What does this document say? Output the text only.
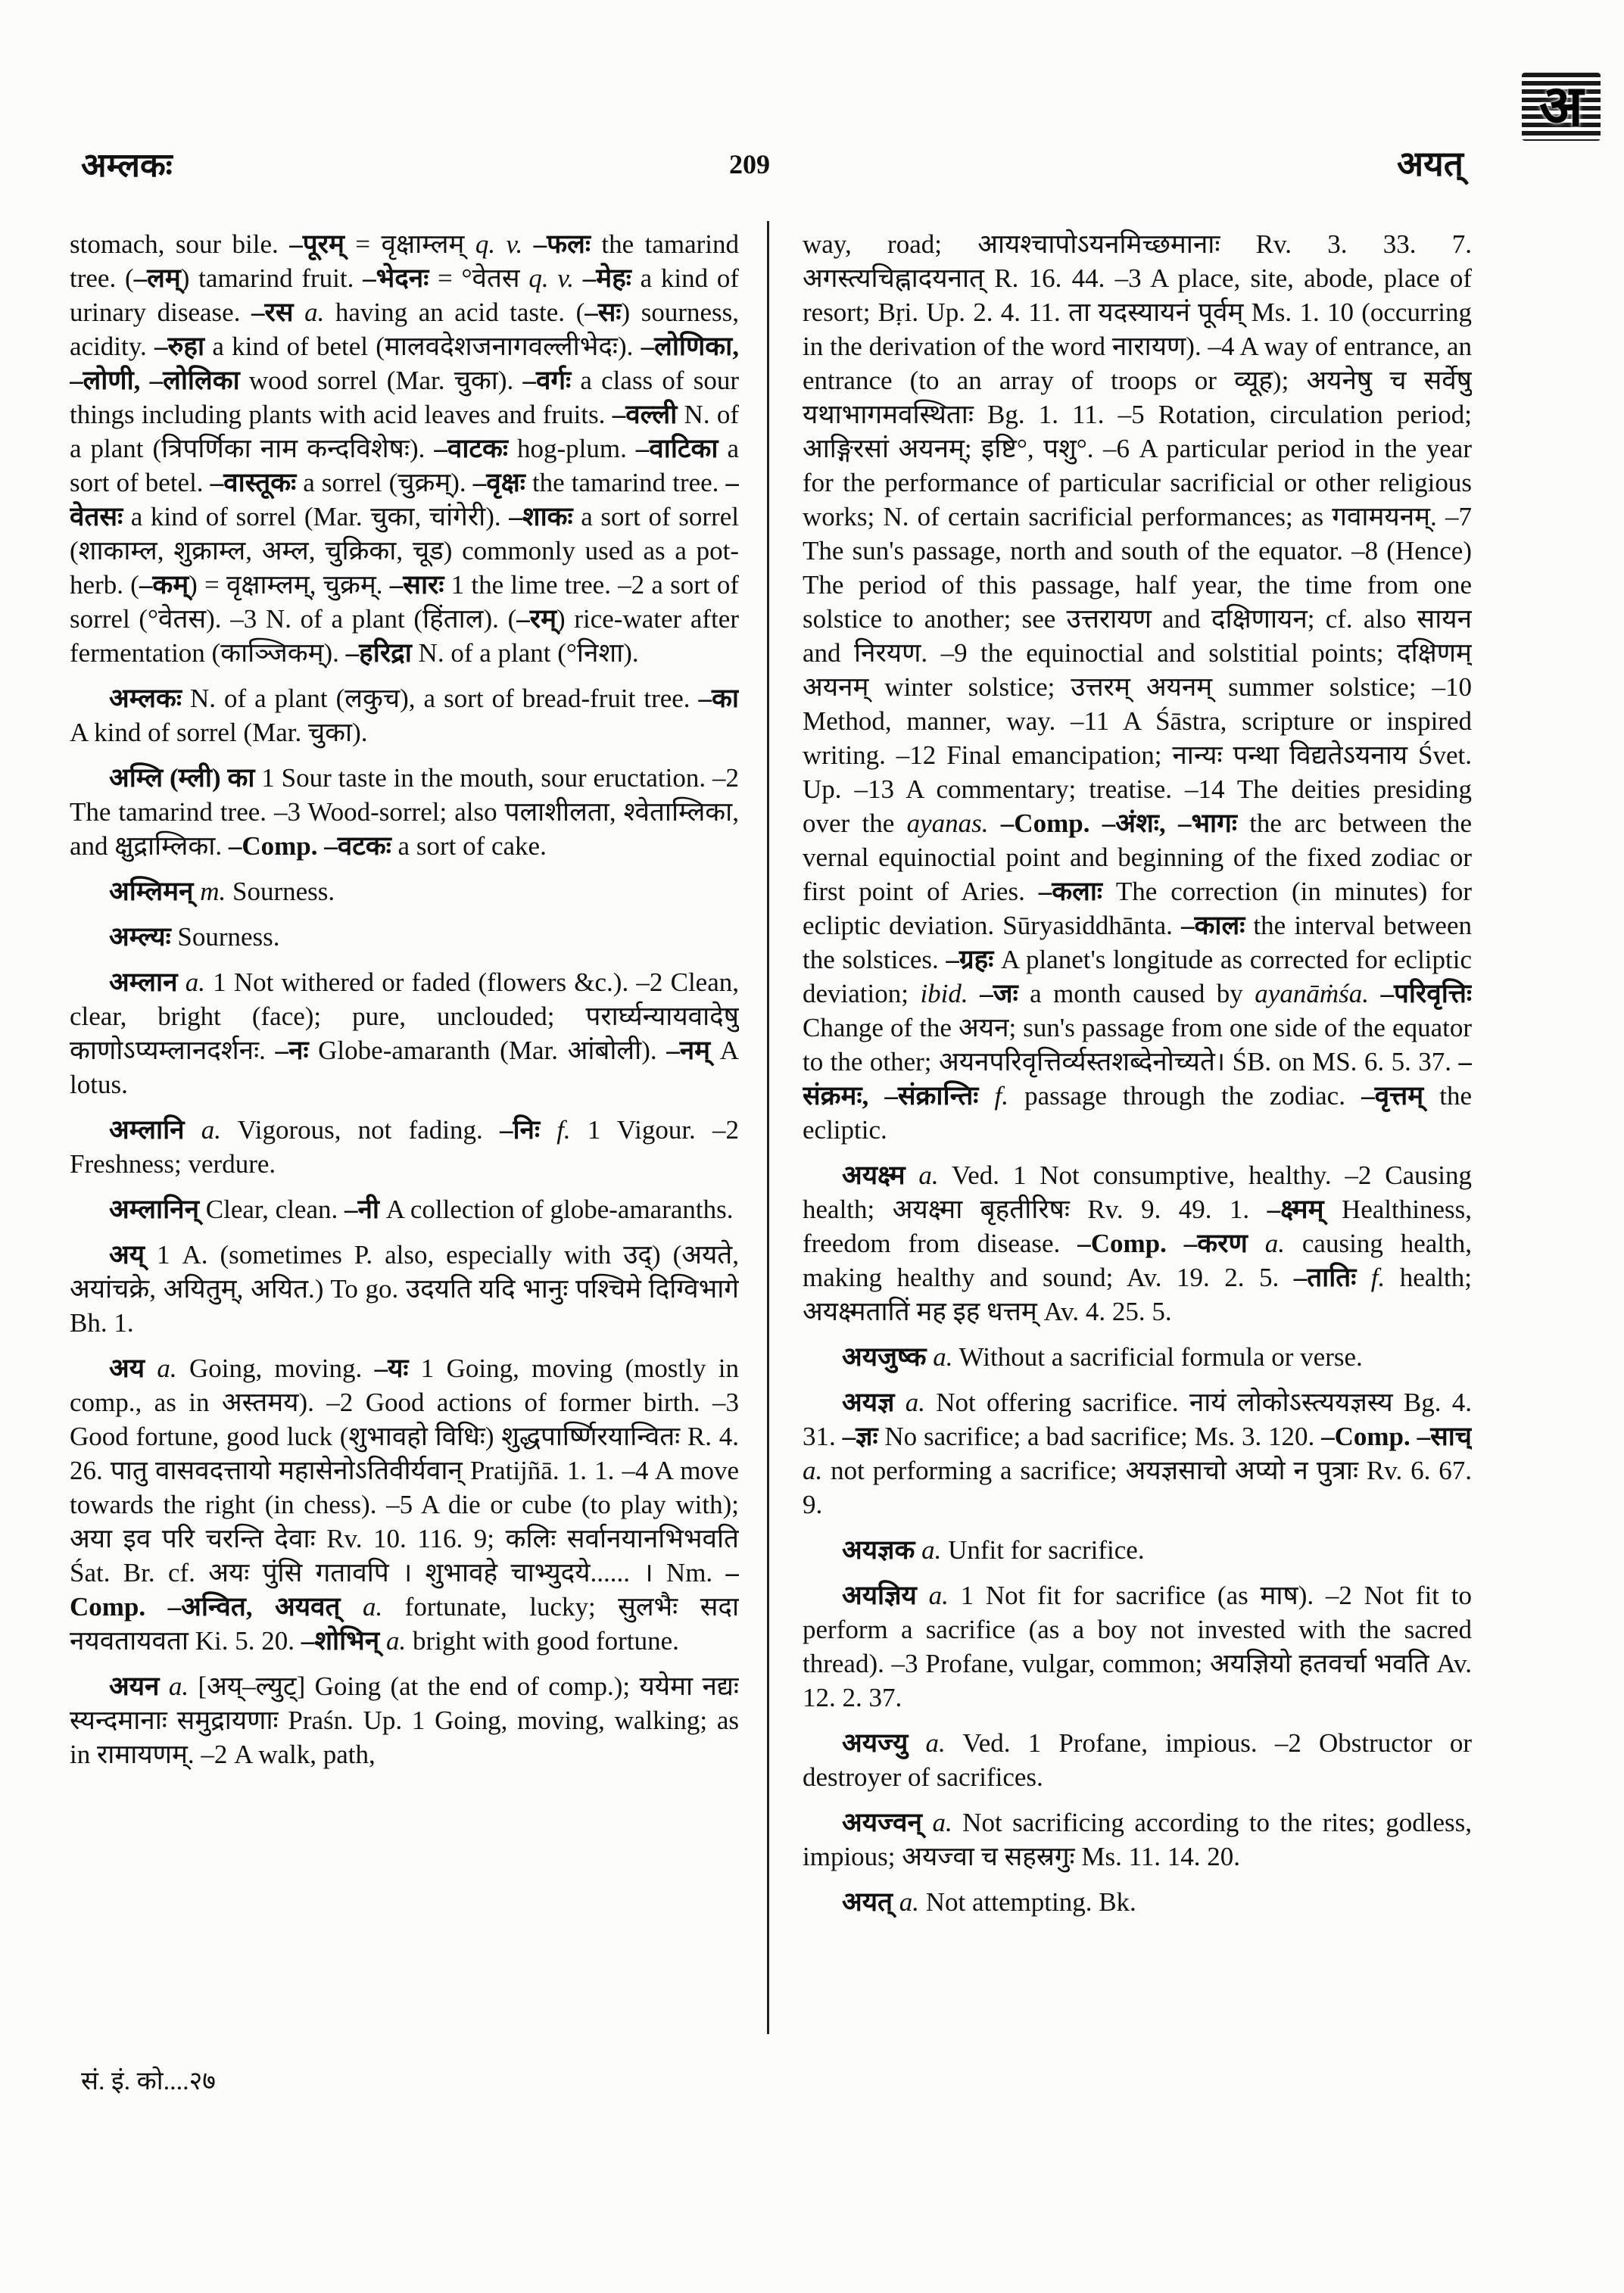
अम्लकः	209	अयत्
अ

stomach, sour bile. –पूरम् = वृक्षाम्लम् q. v. –फलः the tamarind tree. (–लम्) tamarind fruit. –भेदनः = °वेतस q. v. –मेहः a kind of urinary disease. –रस a. having an acid taste. (–सः) sourness, acidity. –रुहा a kind of betel (मालवदेशजनागवल्लीभेदः). –लोणिका, –लोणी, –लोलिका wood sorrel (Mar. चुका). –वर्गः a class of sour things including plants with acid leaves and fruits. –वल्ली N. of a plant (त्रिपर्णिका नाम कन्दविशेषः). –वाटकः hog-plum. –वाटिका a sort of betel. –वास्तूकः a sorrel (चुक्रम्). –वृक्षः the tamarind tree. –वेतसः a kind of sorrel (Mar. चुका, चांगेरी). –शाकः a sort of sorrel (शाकाम्ल, शुक्राम्ल, अम्ल, चुक्रिका, चूड) commonly used as a pot-herb. (–कम्) = वृक्षाम्लम्, चुक्रम्. –सारः 1 the lime tree. –2 a sort of sorrel (°वेतस). –3 N. of a plant (हिंताल). (–रम्) rice-water after fermentation (काञ्जिकम्). –हरिद्रा N. of a plant (°निशा).

अम्लकः N. of a plant (लकुच), a sort of bread-fruit tree. –का A kind of sorrel (Mar. चुका).

अम्लि (म्ली) का 1 Sour taste in the mouth, sour eructation. –2 The tamarind tree. –3 Wood-sorrel; also पलाशीलता, श्वेताम्लिका, and क्षुद्राम्लिका. –Comp. –वटकः a sort of cake.

अम्लिमन् m. Sourness.

अम्ल्यः Sourness.

अम्लान a. 1 Not withered or faded (flowers &c.). –2 Clean, clear, bright (face); pure, unclouded; परार्घ्यन्यायवादेषु काणोऽप्यम्लानदर्शनः. –नः Globe-amaranth (Mar. आंबोली). –नम् A lotus.

अम्लानि a. Vigorous, not fading. –निः f. 1 Vigour. –2 Freshness; verdure.

अम्लानिन् Clear, clean. –नी A collection of globe-amaranths.

अय् 1 A. (sometimes P. also, especially with उद्) (अयते, अयांचक्रे, अयितुम्, अयित.) To go. उदयति यदि भानुः पश्चिमे दिग्विभागे Bh. 1.

अय a. Going, moving. –यः 1 Going, moving (mostly in comp., as in अस्तमय). –2 Good actions of former birth. –3 Good fortune, good luck (शुभावहो विधिः) शुद्धपार्ष्णिरयान्वितः R. 4. 26. पातु वासवदत्तायो महासेनोऽतिवीर्यवान् Pratijñā. 1. 1. –4 A move towards the right (in chess). –5 A die or cube (to play with); अया इव परि चरन्ति देवाः Rv. 10. 116. 9; कलिः सर्वानयानभिभवति Śat. Br. cf. अयः पुंसि गतावपि । शुभावहे चाभ्युदये...... । Nm. –Comp. –अन्वित, अयवत् a. fortunate, lucky; सुलभैः सदा नयवतायवता Ki. 5. 20. –शोभिन् a. bright with good fortune.

अयन a. [अय्–ल्युट्] Going (at the end of comp.); ययेमा नद्यः स्यन्दमानाः समुद्रायणाः Praśn. Up. 1 Going, moving, walking; as in रामायणम्. –2 A walk, path,

way, road; आयश्चापोऽयनमिच्छमानाः Rv. 3. 33. 7. अगस्त्यचिह्नादयनात् R. 16. 44. –3 A place, site, abode, place of resort; Bṛi. Up. 2. 4. 11. ता यदस्यायनं पूर्वम् Ms. 1. 10 (occurring in the derivation of the word नारायण). –4 A way of entrance, an entrance (to an array of troops or व्यूह); अयनेषु च सर्वेषु यथाभागमवस्थिताः Bg. 1. 11. –5 Rotation, circulation period; आङ्गिरसां अयनम्; इष्टि°, पशु°. –6 A particular period in the year for the performance of particular sacrificial or other religious works; N. of certain sacrificial performances; as गवामयनम्. –7 The sun's passage, north and south of the equator. –8 (Hence) The period of this passage, half year, the time from one solstice to another; see उत्तरायण and दक्षिणायन; cf. also सायन and निरयण. –9 the equinoctial and solstitial points; दक्षिणम् अयनम् winter solstice; उत्तरम् अयनम् summer solstice; –10 Method, manner, way. –11 A Śāstra, scripture or inspired writing. –12 Final emancipation; नान्यः पन्था विद्यतेऽयनाय Śvet. Up. –13 A commentary; treatise. –14 The deities presiding over the ayanas. –Comp. –अंशः, –भागः the arc between the vernal equinoctial point and beginning of the fixed zodiac or first point of Aries. –कलाः The correction (in minutes) for ecliptic deviation. Sūryasiddhānta. –कालः the interval between the solstices. –ग्रहः A planet's longitude as corrected for ecliptic deviation; ibid. –जः a month caused by ayanāṁśa. –परिवृत्तिः Change of the अयन; sun's passage from one side of the equator to the other; अयनपरिवृत्तिर्व्यस्तशब्देनोच्यते। ŚB. on MS. 6. 5. 37. –संक्रमः, –संक्रान्तिः f. passage through the zodiac. –वृत्तम् the ecliptic.

अयक्ष्म a. Ved. 1 Not consumptive, healthy. –2 Causing health; अयक्ष्मा बृहतीरिषः Rv. 9. 49. 1. –क्ष्मम् Healthiness, freedom from disease. –Comp. –करण a. causing health, making healthy and sound; Av. 19. 2. 5. –तातिः f. health; अयक्ष्मतातिं मह इह धत्तम् Av. 4. 25. 5.

अयजुष्क a. Without a sacrificial formula or verse.

अयज्ञ a. Not offering sacrifice. नायं लोकोऽस्त्ययज्ञस्य Bg. 4. 31. –ज्ञः No sacrifice; a bad sacrifice; Ms. 3. 120. –Comp. –साच् a. not performing a sacrifice; अयज्ञसाचो अप्यो न पुत्राः Rv. 6. 67. 9.

अयज्ञक a. Unfit for sacrifice.

अयज्ञिय a. 1 Not fit for sacrifice (as माष). –2 Not fit to perform a sacrifice (as a boy not invested with the sacred thread). –3 Profane, vulgar, common; अयज्ञियो हतवर्चा भवति Av. 12. 2. 37.

अयज्यु a. Ved. 1 Profane, impious. –2 Obstructor or destroyer of sacrifices.

अयज्वन् a. Not sacrificing according to the rites; godless, impious; अयज्वा च सहस्रगुः Ms. 11. 14. 20.

अयत् a. Not attempting. Bk.

सं. इं. को....२७
